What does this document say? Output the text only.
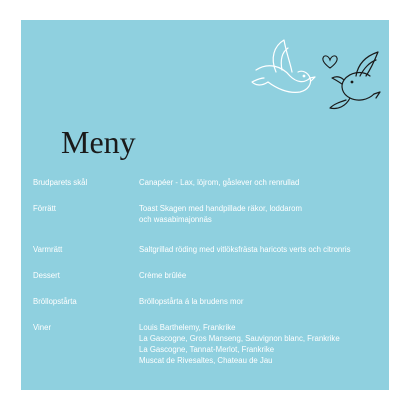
Meny
Brudparets skål	Canapéer - Lax, löjrom, gåslever och renrullad
Förrätt	Toast Skagen med handpillade räkor, loddarom
och wasabimajonnäs
Varmrätt	Saltgrillad röding med vitlöksfrästa haricots verts och citronris
Dessert	Crème brûlée
Bröllopstårta	Bröllopstårta á la brudens mor
Viner	Louis Barthelemy, Frankrike
La Gascogne, Gros Manseng, Sauvignon blanc, Frankrike
La Gascogne, Tannat-Merlot, Frankrike
Muscat de Rivesaltes, Chateau de Jau
